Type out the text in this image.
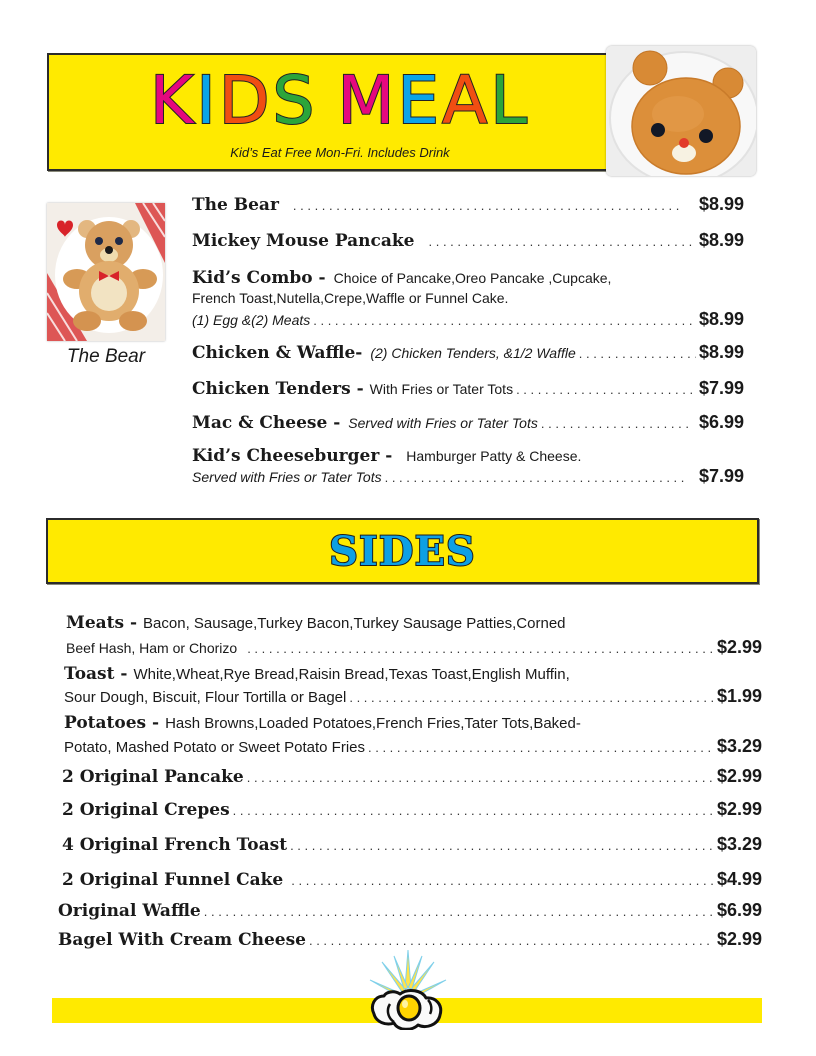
K I D S M E A L
Kid’s Eat Free Mon-Fri. Includes Drink
The Bear
The Bear . . .	$8.99
Mickey Mouse Pancake . . .	$8.99
Kid’s Combo - Choice of Pancake,Oreo Pancake ,Cupcake,
French Toast,Nutella,Crepe,Waffle or Funnel Cake.
(1) Egg &(2) Meats . . .	$8.99
Chicken & Waffle- (2) Chicken Tenders, &1/2 Waffle . . .	$8.99
Chicken Tenders - With Fries or Tater Tots . . .	$7.99
Mac & Cheese - Served with Fries or Tater Tots . . .	$6.99
Kid’s Cheeseburger - Hamburger Patty & Cheese.
Served with Fries or Tater Tots . . .	$7.99
SIDES
Meats - Bacon, Sausage,Turkey Bacon,Turkey Sausage Patties,Corned
Beef Hash, Ham or Chorizo . . .	$2.99
Toast - White,Wheat,Rye Bread,Raisin Bread,Texas Toast,English Muffin,
Sour Dough, Biscuit, Flour Tortilla or Bagel . . .	$1.99
Potatoes - Hash Browns,Loaded Potatoes,French Fries,Tater Tots,Baked-
Potato, Mashed Potato or Sweet Potato Fries . . .	$3.29
2 Original Pancake . . .	$2.99
2 Original Crepes . . .	$2.99
4 Original French Toast . . .	$3.29
2 Original Funnel Cake . . .	$4.99
Original Waffle . . .	$6.99
Bagel With Cream Cheese . . .	$2.99
